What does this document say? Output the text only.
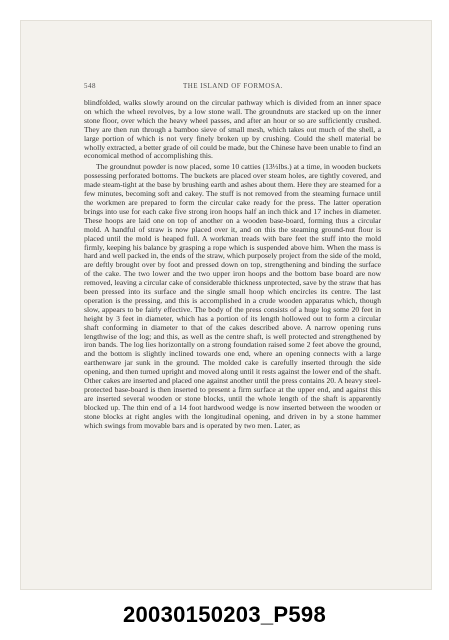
548	THE ISLAND OF FORMOSA.

blindfolded, walks slowly around on the circular pathway which is divided from an inner space on which the wheel revolves, by a low stone wall. The groundnuts are stacked up on the inner stone floor, over which the heavy wheel passes, and after an hour or so are sufficiently crushed. They are then run through a bamboo sieve of small mesh, which takes out much of the shell, a large portion of which is not very finely broken up by crushing. Could the shell material be wholly extracted, a better grade of oil could be made, but the Chinese have been unable to find an economical method of accomplishing this.

The groundnut powder is now placed, some 10 catties (13⅓lbs.) at a time, in wooden buckets possessing perforated bottoms. The buckets are placed over steam holes, are tightly covered, and made steam-tight at the base by brushing earth and ashes about them. Here they are steamed for a few minutes, becoming soft and cakey. The stuff is not removed from the steaming furnace until the workmen are prepared to form the circular cake ready for the press. The latter operation brings into use for each cake five strong iron hoops half an inch thick and 17 inches in diameter. These hoops are laid one on top of another on a wooden base-board, forming thus a circular mold. A handful of straw is now placed over it, and on this the steaming ground-nut flour is placed until the mold is heaped full. A workman treads with bare feet the stuff into the mold firmly, keeping his balance by grasping a rope which is suspended above him. When the mass is hard and well packed in, the ends of the straw, which purposely project from the side of the mold, are deftly brought over by foot and pressed down on top, strengthening and binding the surface of the cake. The two lower and the two upper iron hoops and the bottom base board are now removed, leaving a circular cake of considerable thickness unprotected, save by the straw that has been pressed into its surface and the single small hoop which encircles its centre. The last operation is the pressing, and this is accomplished in a crude wooden apparatus which, though slow, appears to be fairly effective. The body of the press consists of a huge log some 20 feet in height by 3 feet in diameter, which has a portion of its length hollowed out to form a circular shaft conforming in diameter to that of the cakes described above. A narrow opening runs lengthwise of the log; and this, as well as the centre shaft, is well protected and strengthened by iron bands. The log lies horizontally on a strong foundation raised some 2 feet above the ground, and the bottom is slightly inclined towards one end, where an opening connects with a large earthenware jar sunk in the ground. The molded cake is carefully inserted through the side opening, and then turned upright and moved along until it rests against the lower end of the shaft. Other cakes are inserted and placed one against another until the press contains 20. A heavy steel-protected base-board is then inserted to present a firm surface at the upper end, and against this are inserted several wooden or stone blocks, until the whole length of the shaft is apparently blocked up. The thin end of a 14 foot hardwood wedge is now inserted between the wooden or stone blocks at right angles with the longitudinal opening, and driven in by a stone hammer which swings from movable bars and is operated by two men. Later, as

20030150203_P598
